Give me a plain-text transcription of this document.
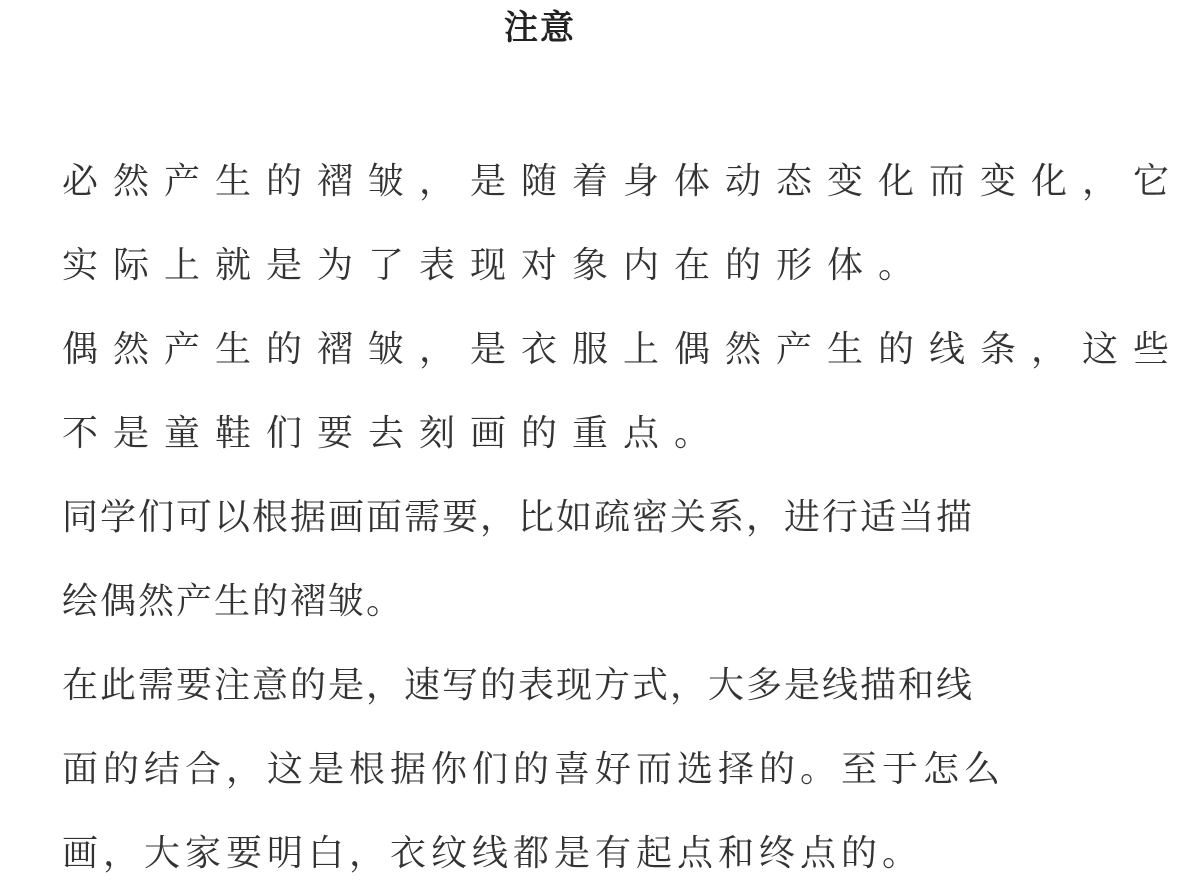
注意
必然产生的褶皱，是随着身体动态变化而变化，它
实际上就是为了表现对象内在的形体。
偶然产生的褶皱，是衣服上偶然产生的线条，这些
不是童鞋们要去刻画的重点。
同学们可以根据画面需要，比如疏密关系，进行适当描
绘偶然产生的褶皱。
在此需要注意的是，速写的表现方式，大多是线描和线
面的结合，这是根据你们的喜好而选择的。至于怎么
画，大家要明白，衣纹线都是有起点和终点的。
